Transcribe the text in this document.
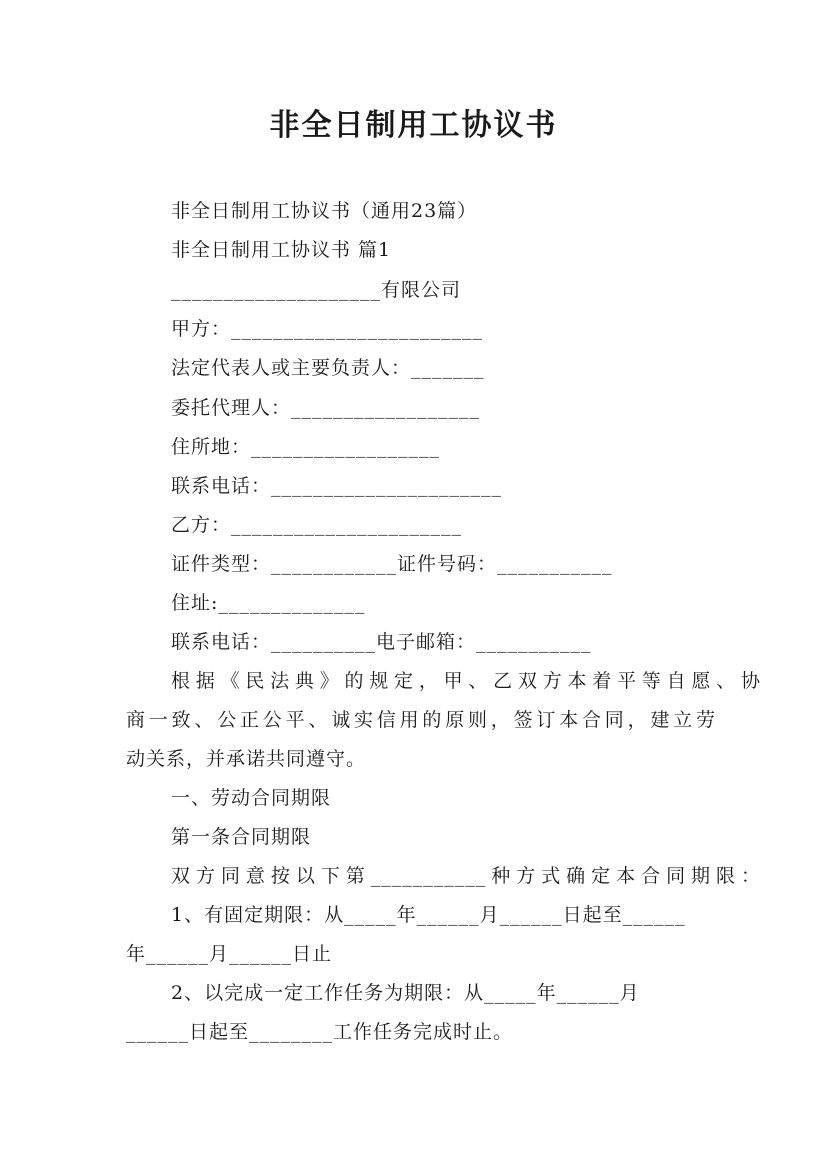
非全日制用工协议书
非全日制用工协议书（通用23篇）
非全日制用工协议书 篇1
____________________有限公司
甲方：________________________
法定代表人或主要负责人：_______
委托代理人：__________________
住所地：__________________
联系电话：______________________
乙方：______________________
证件类型：____________证件号码：___________
住址:______________
联系电话：__________电子邮箱：___________
根据《民法典》的规定，甲、乙双方本着平等自愿、协
商一致、公正公平、诚实信用的原则，签订本合同，建立劳
动关系，并承诺共同遵守。
一、劳动合同期限
第一条合同期限
双方同意按以下第___________种方式确定本合同期限：
1、有固定期限：从_____年______月______日起至______
年______月______日止
2、以完成一定工作任务为期限：从_____年______月
______日起至________工作任务完成时止。
